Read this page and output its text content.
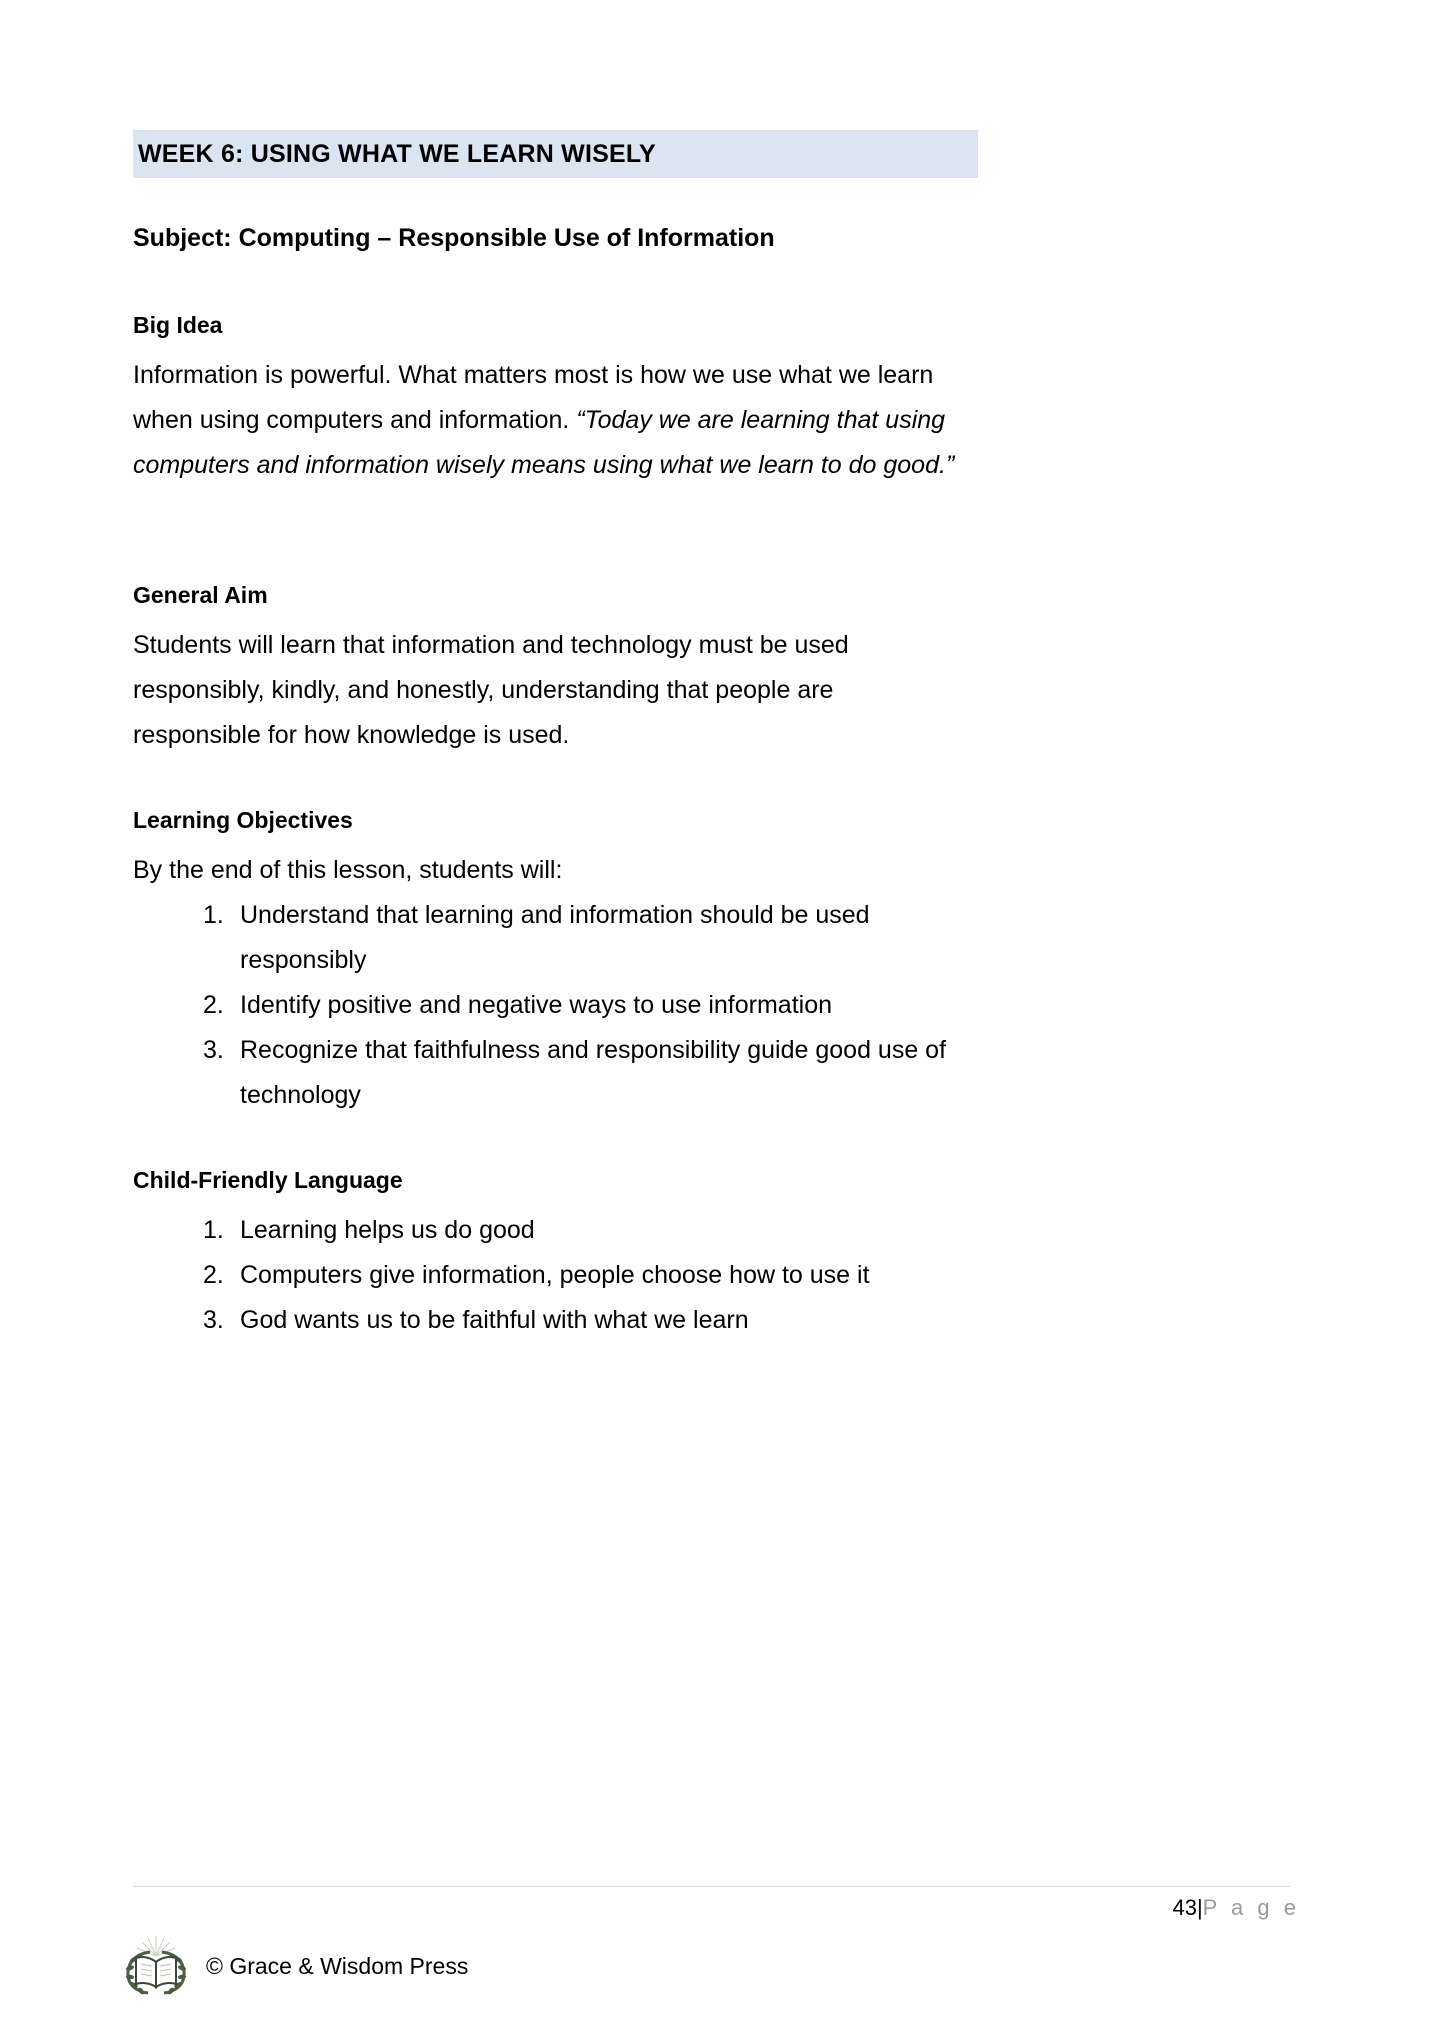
WEEK 6: USING WHAT WE LEARN WISELY
Subject: Computing – Responsible Use of Information
Big Idea

Information is powerful. What matters most is how we use what we learn when using computers and information. “Today we are learning that using computers and information wisely means using what we learn to do good.”

General Aim

Students will learn that information and technology must be used responsibly, kindly, and honestly, understanding that people are responsible for how knowledge is used.

Learning Objectives

By the end of this lesson, students will:

Understand that learning and information should be used responsibly
Identify positive and negative ways to use information
Recognize that faithfulness and responsibility guide good use of technology
Child-Friendly Language
Learning helps us do good
Computers give information, people choose how to use it
God wants us to be faithful with what we learn
43|P a g e
© Grace & Wisdom Press
